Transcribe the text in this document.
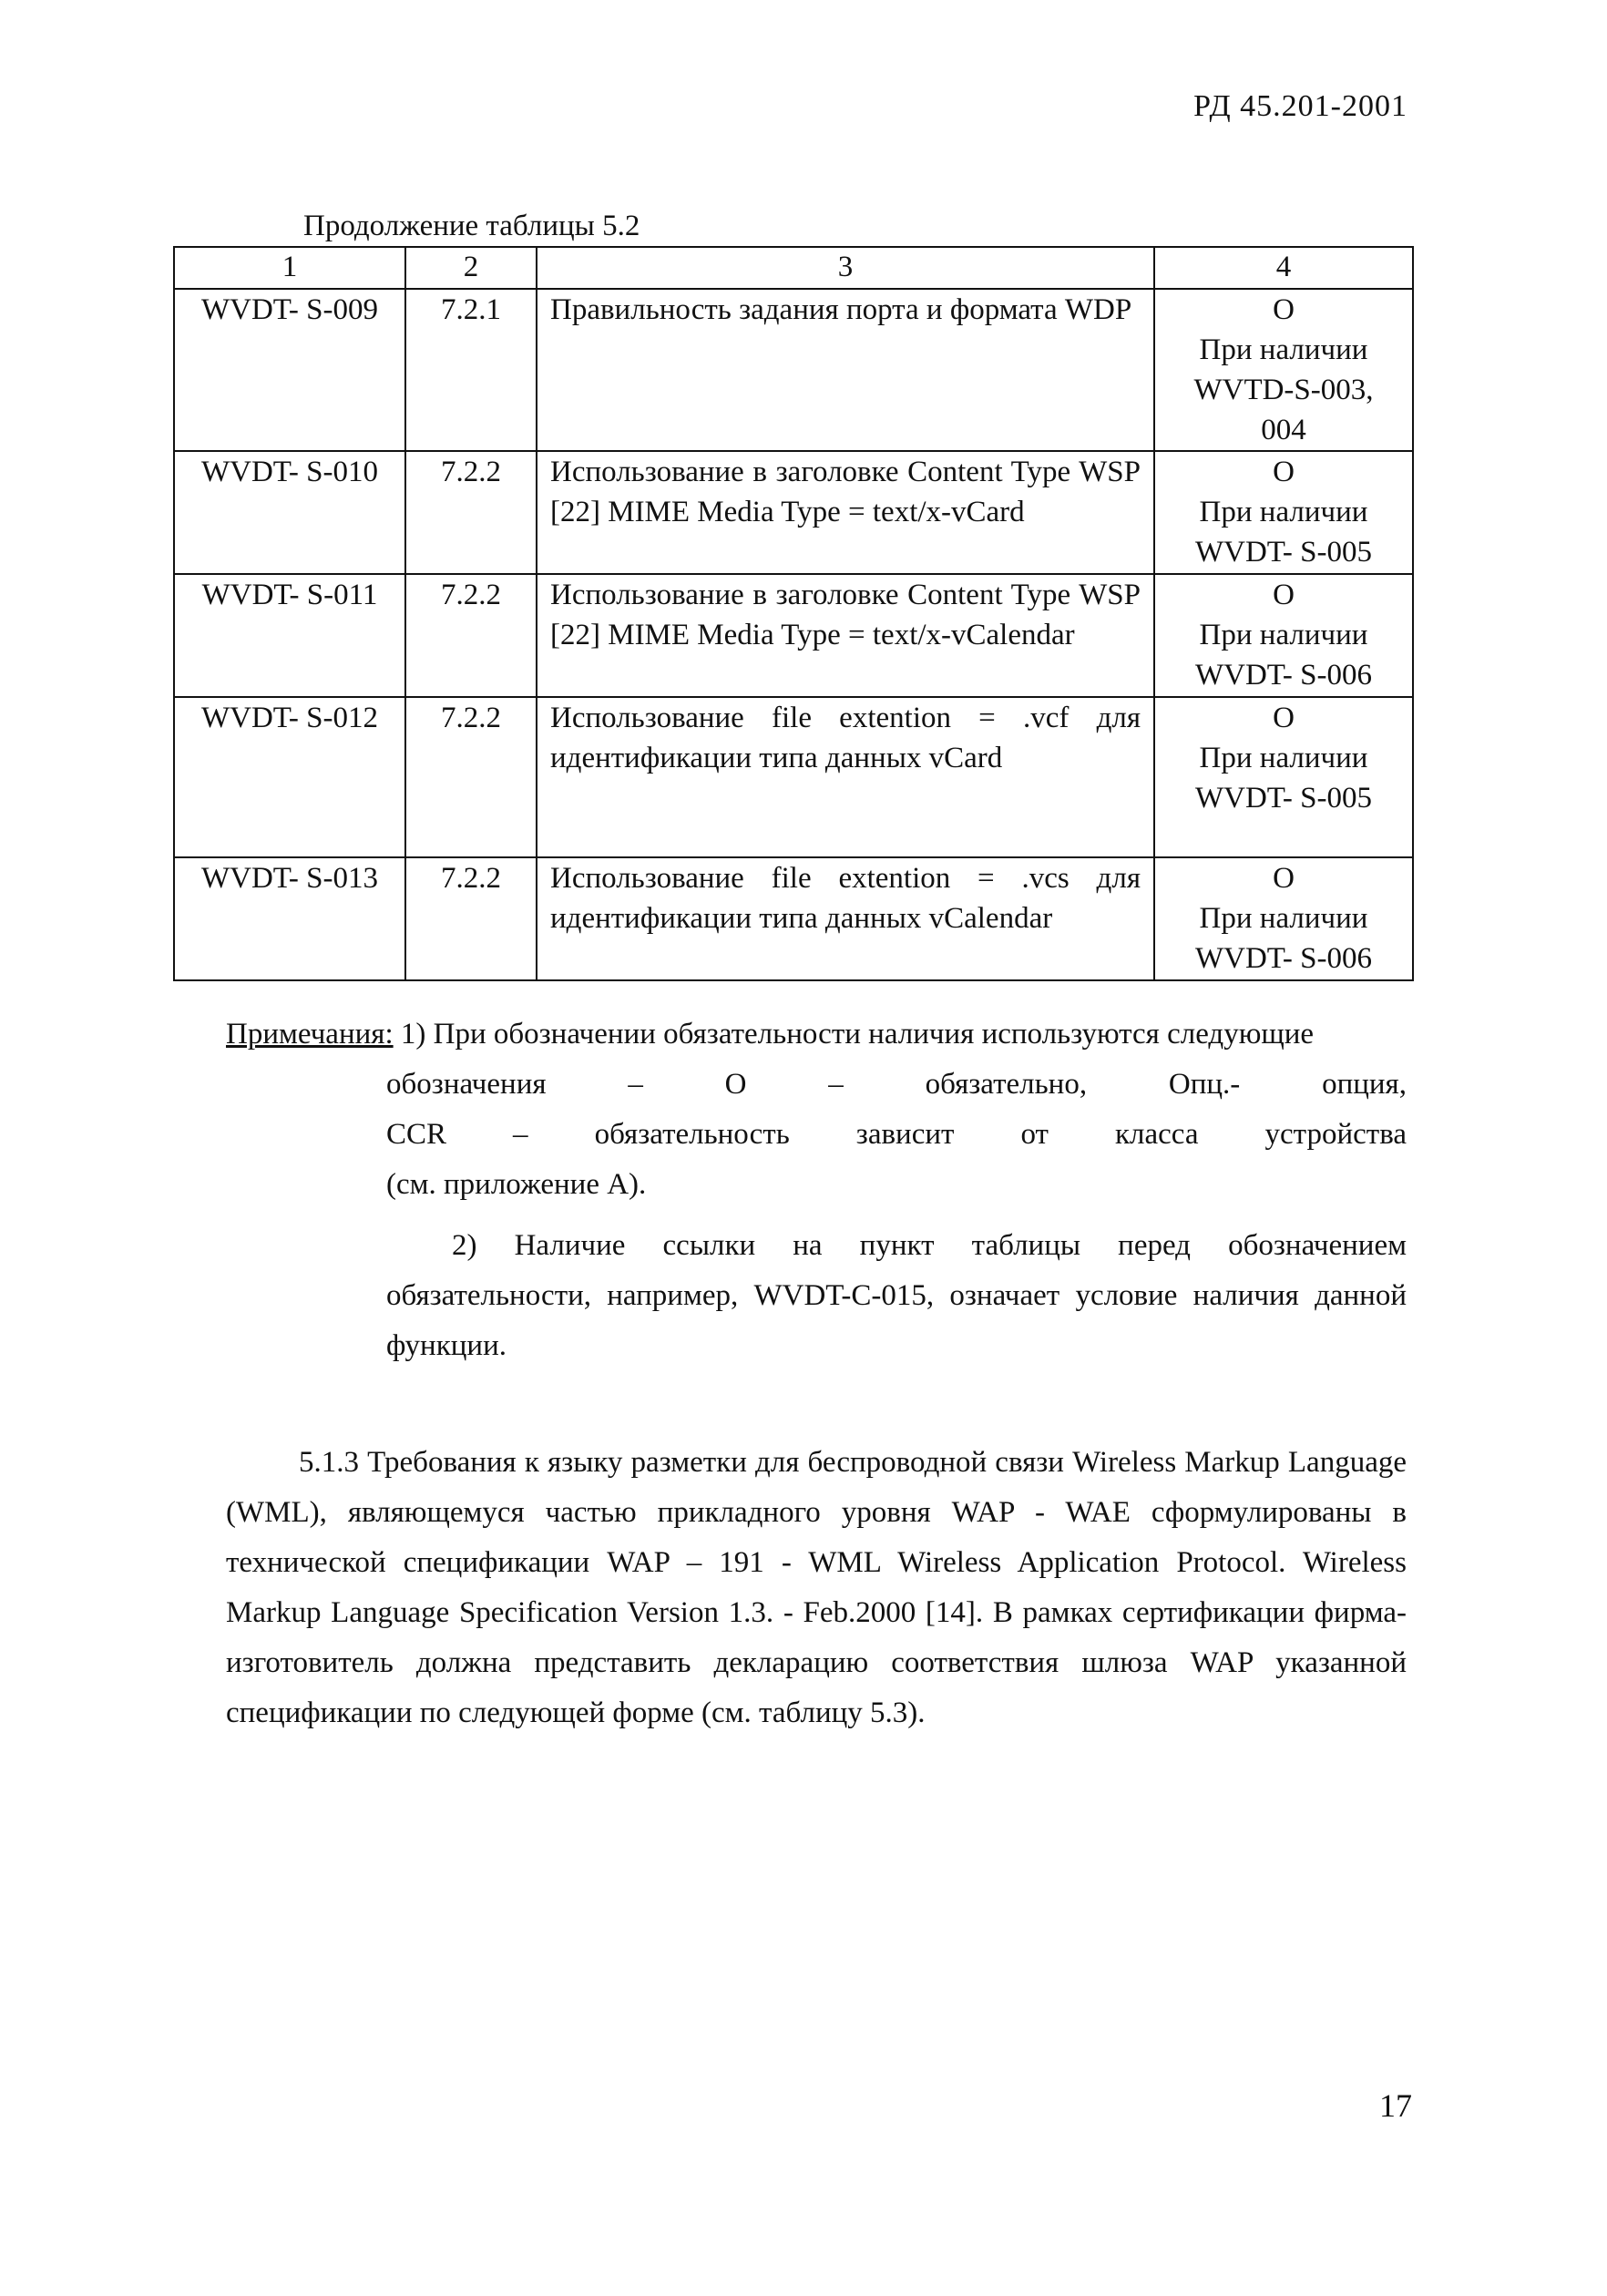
РД 45.201-2001
Продолжение таблицы 5.2
1	2	3	4
WVDT- S-009	7.2.1	Правильность задания порта и формата WDP	O
При наличии
WVTD-S-003, 004

WVDT- S-010	7.2.2	Использование в заголовке Content Type WSP [22] MIME Media Type = text/x-vCard	O
При наличии
WVDT- S-005

WVDT- S-011	7.2.2	Использование в заголовке Content Type WSP [22] MIME Media Type = text/x-vCalendar	O
При наличии
WVDT- S-006

WVDT- S-012	7.2.2	Использование file extention = .vcf для идентификации типа данных vCard	O
При наличии
WVDT- S-005

WVDT- S-013	7.2.2	Использование file extention = .vcs для идентификации типа данных vCalendar	O
При наличии
WVDT- S-006
Примечания: 1) При обозначении обязательности наличия используются следующие
обозначения – О – обязательно, Опц.- опция,
CCR – обязательность зависит от класса устройства
(см. приложение А).
2) Наличие ссылки на пункт таблицы перед обозначением обязательности, например, WVDT-C-015, означает условие наличия данной функции.
5.1.3 Требования к языку разметки для беспроводной связи Wireless Markup Language (WML), являющемуся частью прикладного уровня WAP - WAE сформулированы в технической спецификации WAP – 191 - WML Wireless Application Protocol. Wireless Markup Language Specification Version 1.3. - Feb.2000 [14]. В рамках сертификации фирма-изготовитель должна представить декларацию соответствия шлюза WAP указанной спецификации по следующей форме (см. таблицу 5.3).
17
